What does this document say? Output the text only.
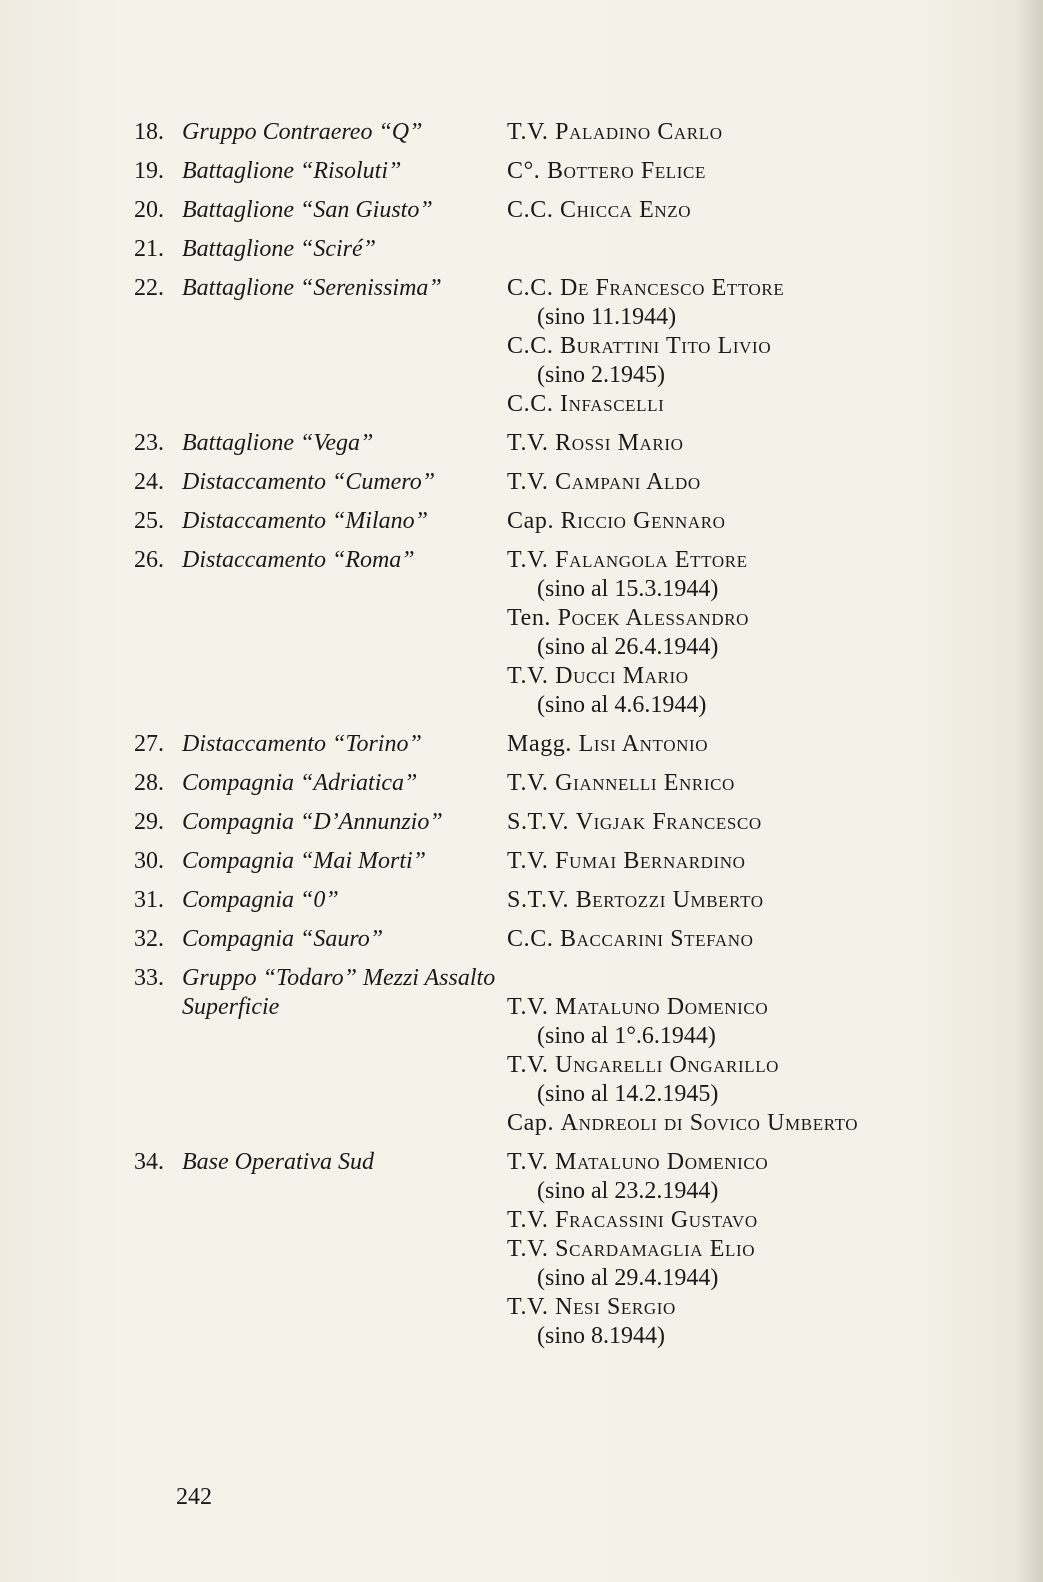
18. Gruppo Contraereo “Q”	T.V. Paladino Carlo
19. Battaglione “Risoluti”	C°. Bottero Felice
20. Battaglione “San Giusto”	C.C. Chicca Enzo
21. Battaglione “Sciré”
22. Battaglione “Serenissima”	C.C. De Francesco Ettore
(sino 11.1944)
C.C. Burattini Tito Livio
(sino 2.1945)
C.C. Infascelli
23. Battaglione “Vega”	T.V. Rossi Mario
24. Distaccamento “Cumero”	T.V. Campani Aldo
25. Distaccamento “Milano”	Cap. Riccio Gennaro
26. Distaccamento “Roma”	T.V. Falangola Ettore
(sino al 15.3.1944)
Ten. Pocek Alessandro
(sino al 26.4.1944)
T.V. Ducci Mario
(sino al 4.6.1944)
27. Distaccamento “Torino”	Magg. Lisi Antonio
28. Compagnia “Adriatica”	T.V. Giannelli Enrico
29. Compagnia “D’Annunzio”	S.T.V. Vigjak Francesco
30. Compagnia “Mai Morti”	T.V. Fumai Bernardino
31. Compagnia “0”	S.T.V. Bertozzi Umberto
32. Compagnia “Sauro”	C.C. Baccarini Stefano
33. Gruppo “Todaro” Mezzi Assalto Superficie	T.V. Mataluno Domenico
(sino al 1°.6.1944)
T.V. Ungarelli Ongarillo
(sino al 14.2.1945)
Cap. Andreoli di Sovico Umberto
34. Base Operativa Sud	T.V. Mataluno Domenico
(sino al 23.2.1944)
T.V. Fracassini Gustavo
T.V. Scardamaglia Elio
(sino al 29.4.1944)
T.V. Nesi Sergio
(sino 8.1944)
242
